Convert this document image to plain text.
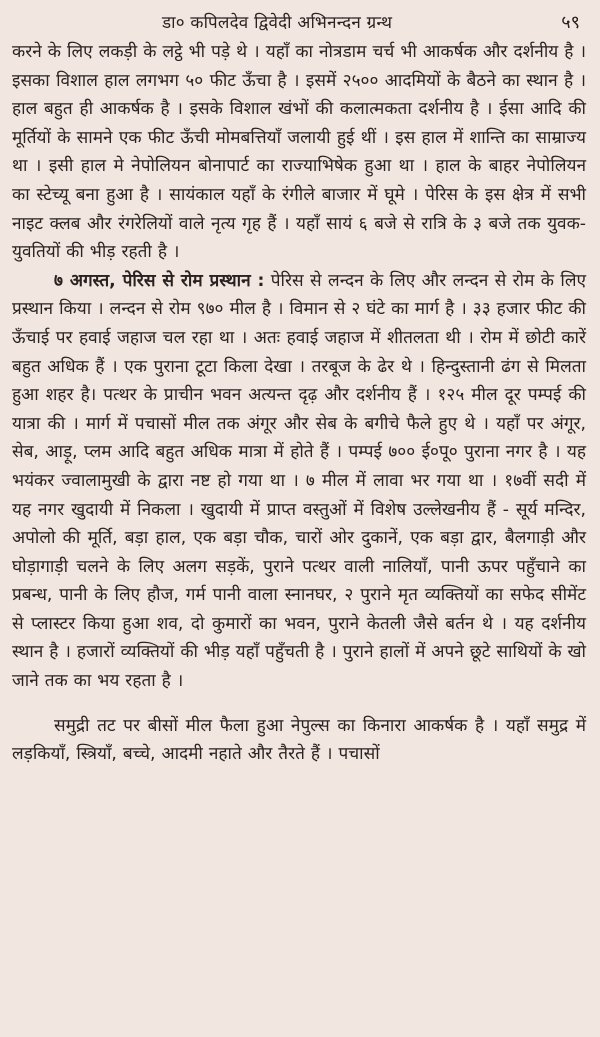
डा० कपिलदेव द्विवेदी अभिनन्दन ग्रन्थ	५९

करने के लिए लकड़ी के लट्ठे भी पड़े थे । यहाँ का नोत्रडाम चर्च भी आकर्षक और दर्शनीय है । इसका विशाल हाल लगभग ५० फीट ऊँचा है । इसमें २५०० आदमियों के बैठने का स्थान है । हाल बहुत ही आकर्षक है । इसके विशाल खंभों की कलात्मकता दर्शनीय है । ईसा आदि की मूर्तियों के सामने एक फीट ऊँची मोमबत्तियाँ जलायी हुई थीं । इस हाल में शान्ति का साम्राज्य था । इसी हाल मे नेपोलियन बोनापार्ट का राज्याभिषेक हुआ था । हाल के बाहर नेपोलियन का स्टेच्यू बना हुआ है । सायंकाल यहाँ के रंगीले बाजार में घूमे । पेरिस के इस क्षेत्र में सभी नाइट क्लब और रंगरेलियों वाले नृत्य गृह हैं । यहाँ सायं ६ बजे से रात्रि के ३ बजे तक युवक-युवतियों की भीड़ रहती है ।

७ अगस्त, पेरिस से रोम प्रस्थान : पेरिस से लन्दन के लिए और लन्दन से रोम के लिए प्रस्थान किया । लन्दन से रोम ९७० मील है । विमान से २ घंटे का मार्ग है । ३३ हजार फीट की ऊँचाई पर हवाई जहाज चल रहा था । अतः हवाई जहाज में शीतलता थी । रोम में छोटी कारें बहुत अधिक हैं । एक पुराना टूटा किला देखा । तरबूज के ढेर थे । हिन्दुस्तानी ढंग से मिलता हुआ शहर है। पत्थर के प्राचीन भवन अत्यन्त दृढ़ और दर्शनीय हैं । १२५ मील दूर पम्पई की यात्रा की । मार्ग में पचासों मील तक अंगूर और सेब के बगीचे फैले हुए थे । यहाँ पर अंगूर, सेब, आड़ू, प्लम आदि बहुत अधिक मात्रा में होते हैं । पम्पई ७०० ई०पू० पुराना नगर है । यह भयंकर ज्वालामुखी के द्वारा नष्ट हो गया था । ७ मील में लावा भर गया था । १७वीं सदी में यह नगर खुदायी में निकला । खुदायी में प्राप्त वस्तुओं में विशेष उल्लेखनीय हैं - सूर्य मन्दिर, अपोलो की मूर्ति, बड़ा हाल, एक बड़ा चौक, चारों ओर दुकानें, एक बड़ा द्वार, बैलगाड़ी और घोड़ागाड़ी चलने के लिए अलग सड़कें, पुराने पत्थर वाली नालियाँ, पानी ऊपर पहुँचाने का प्रबन्ध, पानी के लिए हौज, गर्म पानी वाला स्नानघर, २ पुराने मृत व्यक्तियों का सफेद सीमेंट से प्लास्टर किया हुआ शव, दो कुमारों का भवन, पुराने केतली जैसे बर्तन थे । यह दर्शनीय स्थान है । हजारों व्यक्तियों की भीड़ यहाँ पहुँचती है । पुराने हालों में अपने छूटे साथियों के खो जाने तक का भय रहता है ।

समुद्री तट पर बीसों मील फैला हुआ नेपुल्स का किनारा आकर्षक है । यहाँ समुद्र में लड़कियाँ, स्त्रियाँ, बच्चे, आदमी नहाते और तैरते हैं । पचासों
